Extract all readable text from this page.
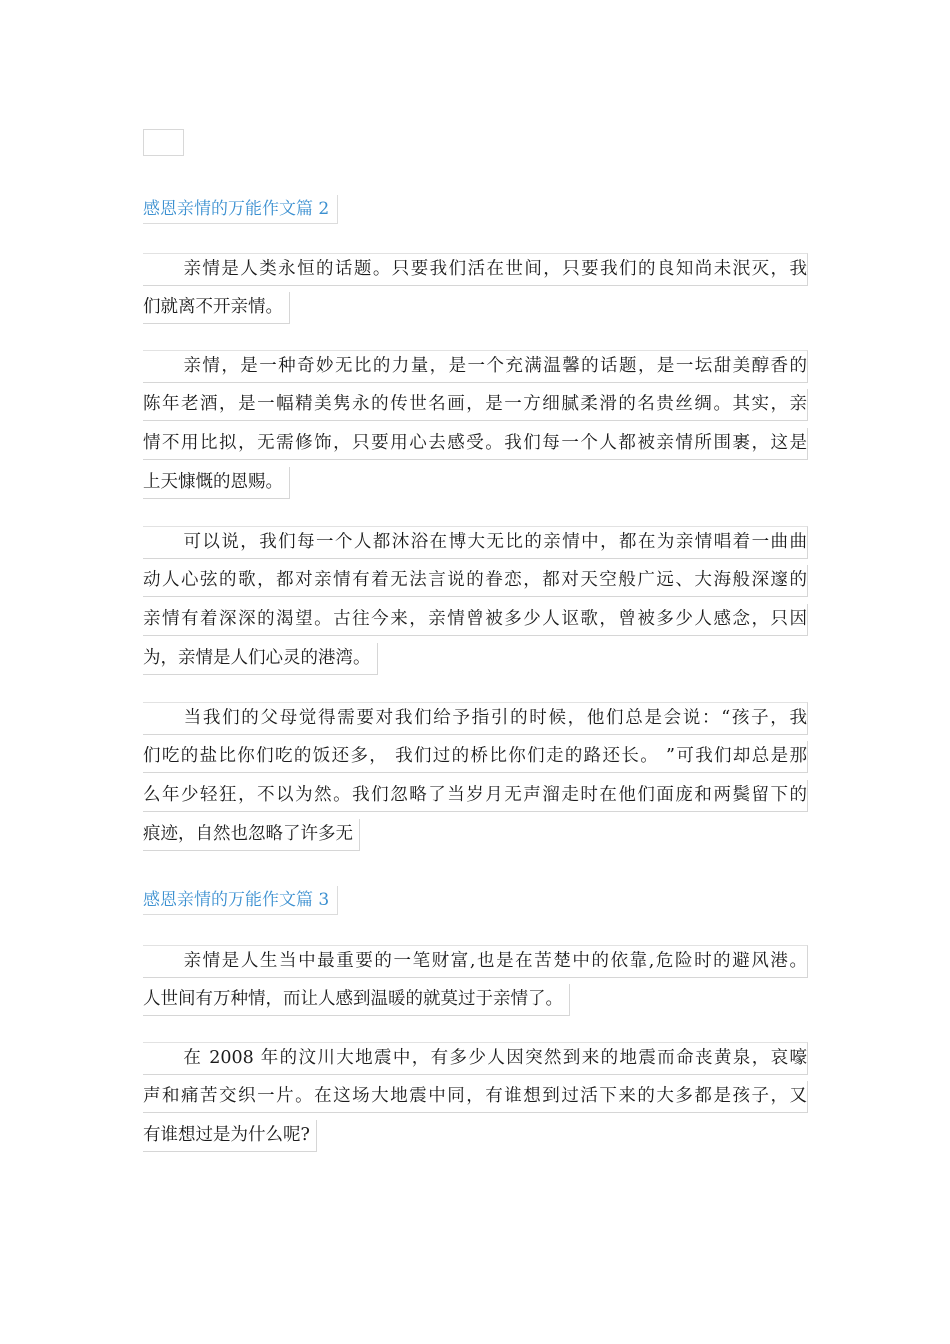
感恩亲情的万能作文篇 2
亲情是人类永恒的话题。只要我们活在世间，只要我们的良知尚未泯灭，我
们就离不开亲情。
亲情，是一种奇妙无比的力量，是一个充满温馨的话题，是一坛甜美醇香的
陈年老酒，是一幅精美隽永的传世名画，是一方细腻柔滑的名贵丝绸。其实，亲
情不用比拟，无需修饰，只要用心去感受。我们每一个人都被亲情所围裹，这是
上天慷慨的恩赐。
可以说，我们每一个人都沐浴在博大无比的亲情中，都在为亲情唱着一曲曲
动人心弦的歌，都对亲情有着无法言说的眷恋，都对天空般广远、大海般深邃的
亲情有着深深的渴望。古往今来，亲情曾被多少人讴歌，曾被多少人感念，只因
为，亲情是人们心灵的港湾。
当我们的父母觉得需要对我们给予指引的时候，他们总是会说：“孩子，我
们吃的盐比你们吃的饭还多， 我们过的桥比你们走的路还长。 ”可我们却总是那
么年少轻狂，不以为然。我们忽略了当岁月无声溜走时在他们面庞和两鬓留下的
痕迹，自然也忽略了许多无
感恩亲情的万能作文篇 3
亲情是人生当中最重要的一笔财富,也是在苦楚中的依靠,危险时的避风港。
人世间有万种情，而让人感到温暖的就莫过于亲情了。
在 2008 年的汶川大地震中，有多少人因突然到来的地震而命丧黄泉，哀嚎
声和痛苦交织一片。在这场大地震中同，有谁想到过活下来的大多都是孩子，又
有谁想过是为什么呢?
